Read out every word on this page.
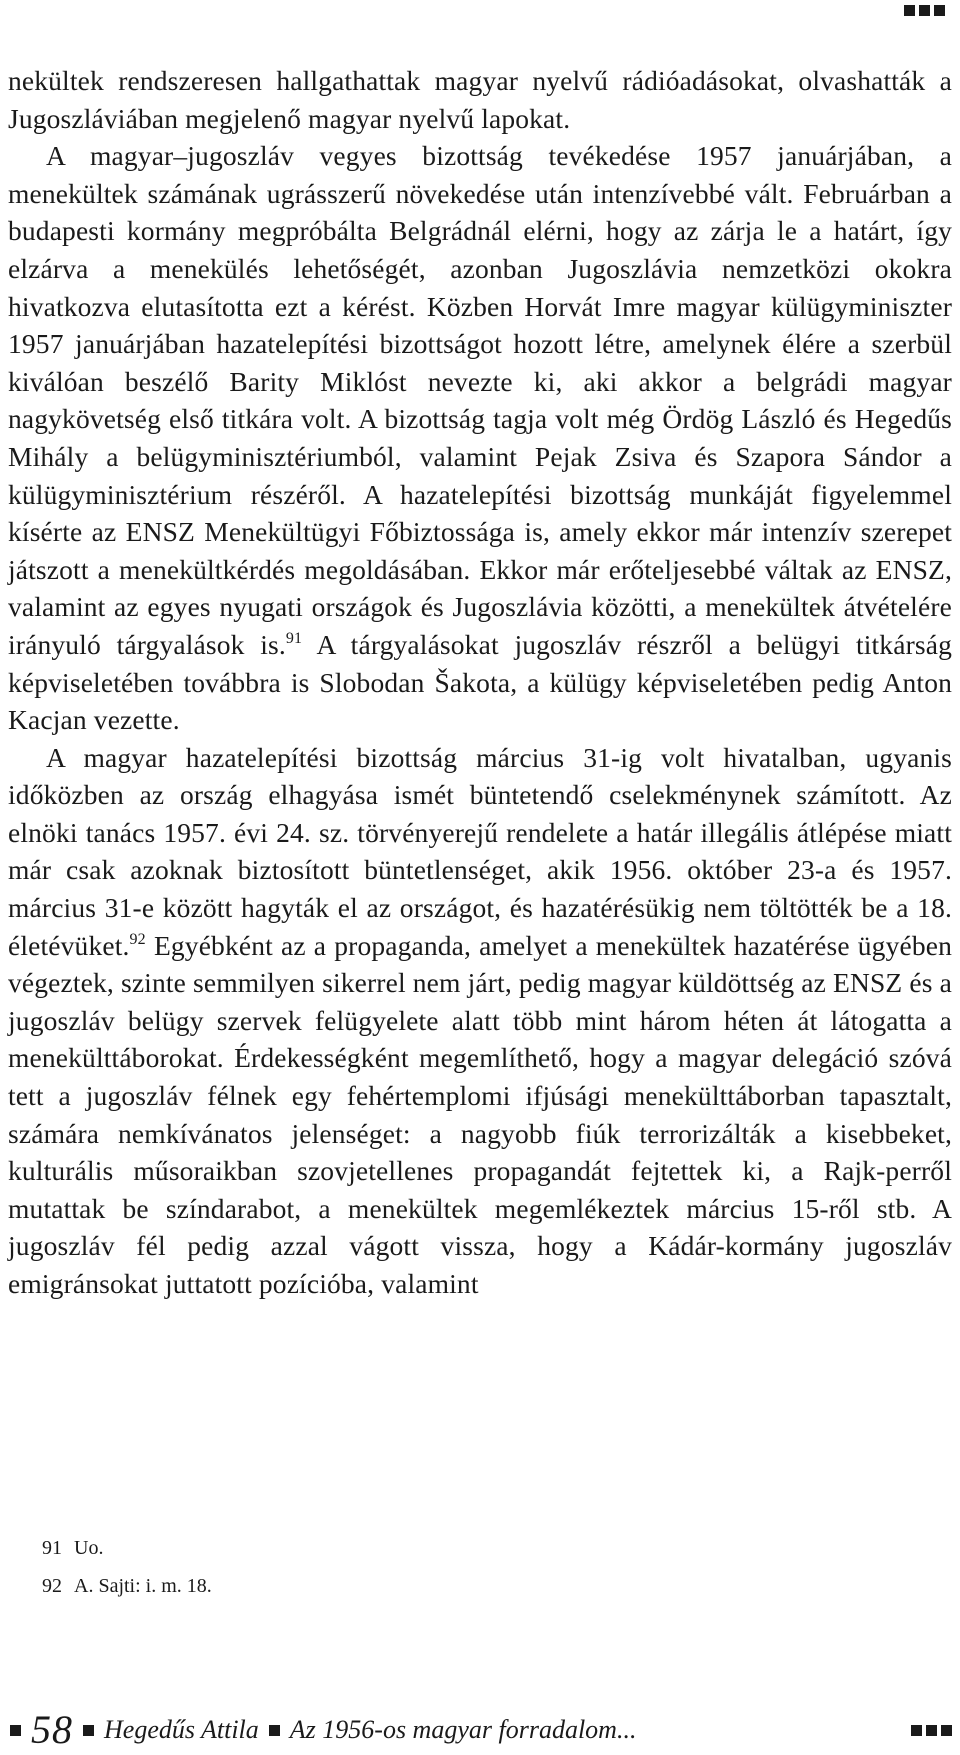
nekültek rendszeresen hallgathattak magyar nyelvű rádióadásokat, olvashatták a Jugoszláviában megjelenő magyar nyelvű lapokat.

A magyar–jugoszláv vegyes bizottság tevékedése 1957 januárjában, a menekültek számának ugrásszerű növekedése után intenzívebbé vált. Februárban a budapesti kormány megpróbálta Belgrádnál elérni, hogy az zárja le a határt, így elzárva a menekülés lehetőségét, azonban Jugoszlávia nemzetközi okokra hivatkozva elutasította ezt a kérést. Közben Horvát Imre magyar külügyminiszter 1957 januárjában hazatelepítési bizottságot hozott létre, amelynek élére a szerbül kiválóan beszélő Barity Miklóst nevezte ki, aki akkor a belgrádi magyar nagykövetség első titkára volt. A bizottság tagja volt még Ördög László és Hegedűs Mihály a belügyminisztériumból, valamint Pejak Zsiva és Szapora Sándor a külügyminisztérium részéről. A hazatelepítési bizottság munkáját figyelemmel kísérte az ENSZ Menekültügyi Főbiztossága is, amely ekkor már intenzív szerepet játszott a menekültkérdés megoldásában. Ekkor már erőteljesebbé váltak az ENSZ, valamint az egyes nyugati országok és Jugoszlávia közötti, a menekültek átvételére irányuló tárgyalások is.$^{91}$ A tárgyalásokat jugoszláv részről a belügyi titkárság képviseletében továbbra is Slobodan Šakota, a külügy képviseletében pedig Anton Kacjan vezette.

A magyar hazatelepítési bizottság március 31-ig volt hivatalban, ugyanis időközben az ország elhagyása ismét büntetendő cselekménynek számított. Az elnöki tanács 1957. évi 24. sz. törvényerejű rendelete a határ illegális átlépése miatt már csak azoknak biztosított büntetlenséget, akik 1956. október 23-a és 1957. március 31-e között hagyták el az országot, és hazatérésükig nem töltötték be a 18. életévüket.$^{92}$ Egyébként az a propaganda, amelyet a menekültek hazatérése ügyében végeztek, szinte semmilyen sikerrel nem járt, pedig magyar küldöttség az ENSZ és a jugoszláv belügy szervek felügyelete alatt több mint három héten át látogatta a menekülttáborokat. Érdekességként megemlíthető, hogy a magyar delegáció szóvá tett a jugoszláv félnek egy fehértemplomi ifjúsági menekülttáborban tapasztalt, számára nemkívánatos jelenséget: a nagyobb fiúk terrorizálták a kisebbeket, kulturális műsoraikban szovjetellenes propagandát fejtettek ki, a Rajk-perről mutattak be színdarabot, a menekültek megemlékeztek március 15-ről stb. A jugoszláv fél pedig azzal vágott vissza, hogy a Kádár-kormány jugoszláv emigránsokat juttatott pozícióba, valamint

91 Uo.
92 A. Sajti: i. m. 18.
58 Hegedűs Attila Az 1956-os magyar forradalom...
